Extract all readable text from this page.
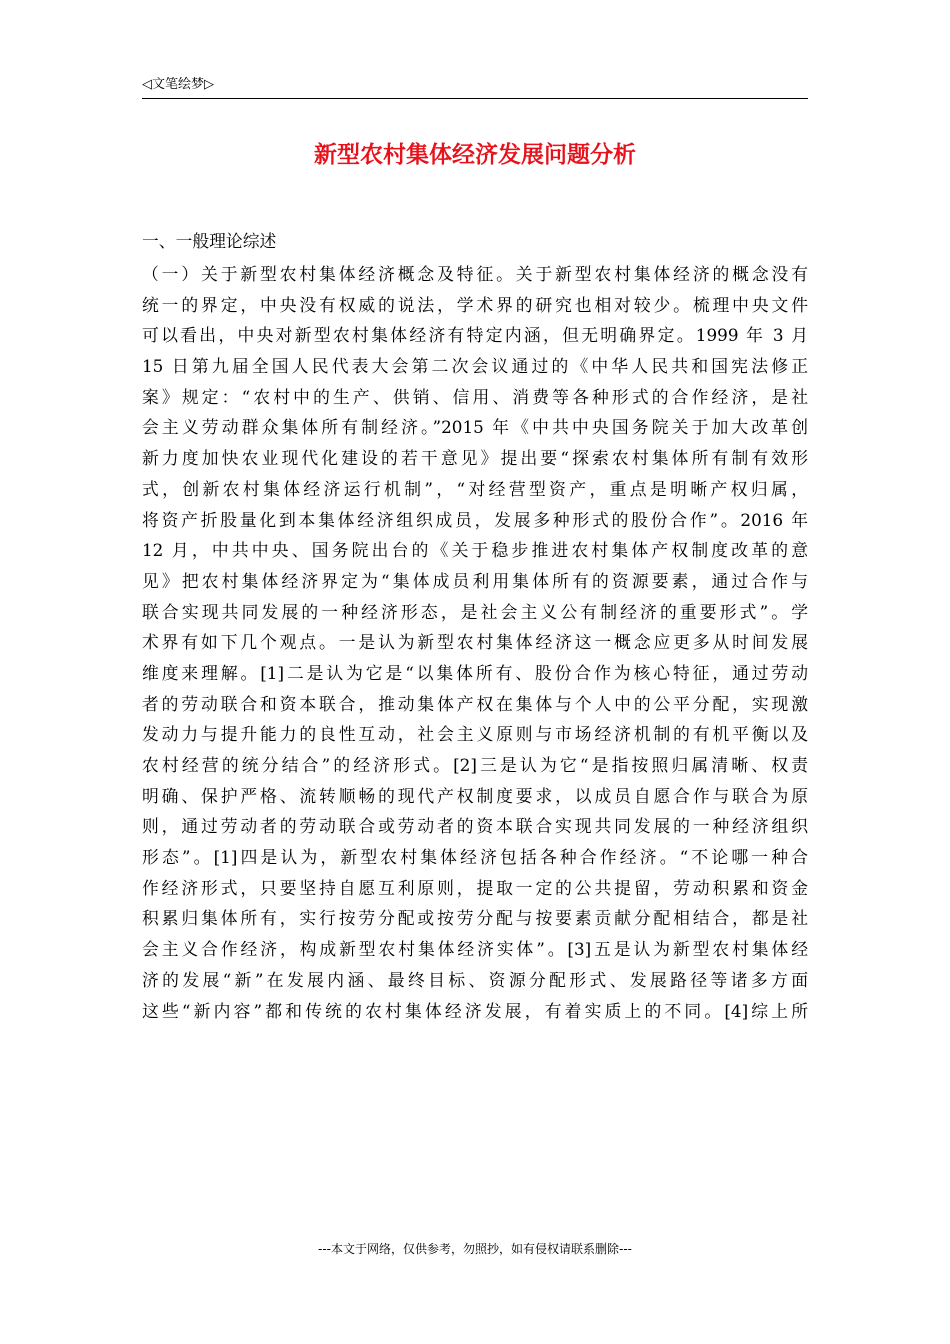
◁文笔绘梦▷
新型农村集体经济发展问题分析
一、一般理论综述
（一）关于新型农村集体经济概念及特征。关于新型农村集体经济的概念没有
统一的界定，中央没有权威的说法，学术界的研究也相对较少。梳理中央文件
可以看出，中央对新型农村集体经济有特定内涵，但无明确界定。1999 年 3 月
15 日第九届全国人民代表大会第二次会议通过的《中华人民共和国宪法修正
案》规定：“农村中的生产、供销、信用、消费等各种形式的合作经济，是社
会主义劳动群众集体所有制经济。”2015 年《中共中央国务院关于加大改革创
新力度加快农业现代化建设的若干意见》提出要“探索农村集体所有制有效形
式，创新农村集体经济运行机制”，“对经营型资产，重点是明晰产权归属，
将资产折股量化到本集体经济组织成员，发展多种形式的股份合作”。2016 年
12 月，中共中央、国务院出台的《关于稳步推进农村集体产权制度改革的意
见》把农村集体经济界定为“集体成员利用集体所有的资源要素，通过合作与
联合实现共同发展的一种经济形态，是社会主义公有制经济的重要形式”。学
术界有如下几个观点。一是认为新型农村集体经济这一概念应更多从时间发展
维度来理解。[1]二是认为它是“以集体所有、股份合作为核心特征，通过劳动
者的劳动联合和资本联合，推动集体产权在集体与个人中的公平分配，实现激
发动力与提升能力的良性互动，社会主义原则与市场经济机制的有机平衡以及
农村经营的统分结合”的经济形式。[2]三是认为它“是指按照归属清晰、权责
明确、保护严格、流转顺畅的现代产权制度要求，以成员自愿合作与联合为原
则，通过劳动者的劳动联合或劳动者的资本联合实现共同发展的一种经济组织
形态”。[1]四是认为，新型农村集体经济包括各种合作经济。“不论哪一种合
作经济形式，只要坚持自愿互利原则，提取一定的公共提留，劳动积累和资金
积累归集体所有，实行按劳分配或按劳分配与按要素贡献分配相结合，都是社
会主义合作经济，构成新型农村集体经济实体”。[3]五是认为新型农村集体经
济的发展“新”在发展内涵、最终目标、资源分配形式、发展路径等诸多方面
这些“新内容”都和传统的农村集体经济发展，有着实质上的不同。[4]综上所
---本文于网络，仅供参考，勿照抄，如有侵权请联系删除---
